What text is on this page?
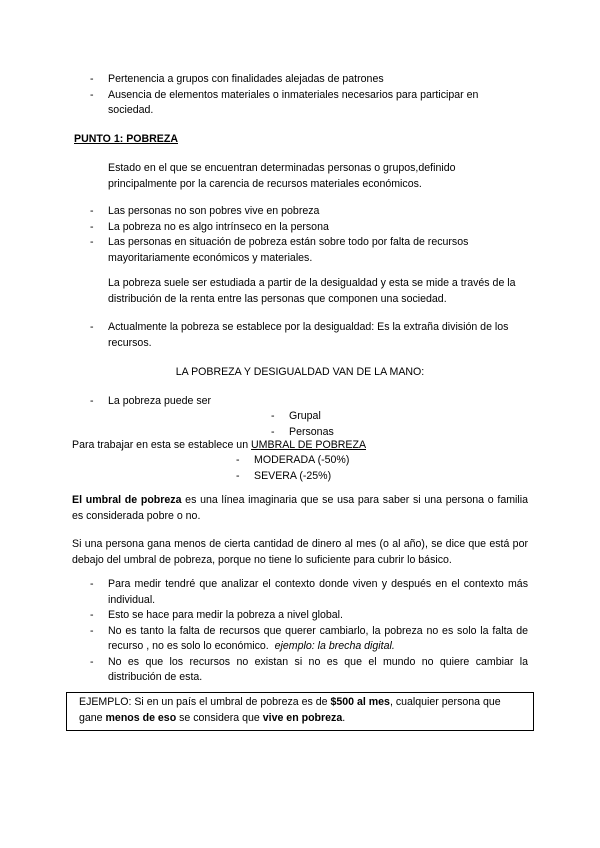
- Pertenencia a grupos con finalidades alejadas de patrones
- Ausencia de elementos materiales o inmateriales necesarios para participar en sociedad.
PUNTO 1: POBREZA
Estado en el que se encuentran determinadas personas o grupos,definido principalmente por la carencia de recursos materiales económicos.
- Las personas no son pobres vive en pobreza
- La pobreza no es algo intrínseco en la persona
- Las personas en situación de pobreza están sobre todo por falta de recursos mayoritariamente económicos y materiales.
La pobreza suele ser estudiada a partir de la desigualdad y esta se mide a través de la distribución de la renta entre las personas que componen una sociedad.
- Actualmente la pobreza se establece por la desigualdad: Es la extraña división de los recursos.
LA POBREZA Y DESIGUALDAD VAN DE LA MANO:
- La pobreza puede ser
- Grupal
- Personas
Para trabajar en esta se establece un UMBRAL DE POBREZA
- MODERADA (-50%)
- SEVERA (-25%)
El umbral de pobreza es una línea imaginaria que se usa para saber si una persona o familia es considerada pobre o no.
Si una persona gana menos de cierta cantidad de dinero al mes (o al año), se dice que está por debajo del umbral de pobreza, porque no tiene lo suficiente para cubrir lo básico.
- Para medir tendré que analizar el contexto donde viven y después en el contexto más individual.
- Esto se hace para medir la pobreza a nivel global.
- No es tanto la falta de recursos que querer cambiarlo, la pobreza no es solo la falta de recurso , no es solo lo económico. ejemplo: la brecha digital.
- No es que los recursos no existan si no es que el mundo no quiere cambiar la distribución de esta.
EJEMPLO: Si en un país el umbral de pobreza es de $500 al mes, cualquier persona que gane menos de eso se considera que vive en pobreza.
